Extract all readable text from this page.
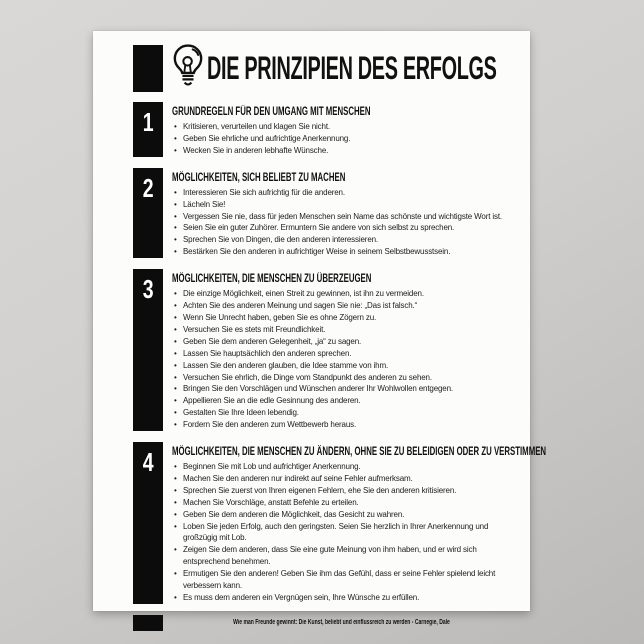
DIE PRINZIPIEN DES ERFOLGS
1 GRUNDREGELN FÜR DEN UMGANG MIT MENSCHEN
• Kritisieren, verurteilen und klagen Sie nicht.
• Geben Sie ehrliche und aufrichtige Anerkennung.
• Wecken Sie in anderen lebhafte Wünsche.
2 MÖGLICHKEITEN, SICH BELIEBT ZU MACHEN
• Interessieren Sie sich aufrichtig für die anderen.
• Lächeln Sie!
• Vergessen Sie nie, dass für jeden Menschen sein Name das schönste und wichtigste Wort ist.
• Seien Sie ein guter Zuhörer. Ermuntern Sie andere von sich selbst zu sprechen.
• Sprechen Sie von Dingen, die den anderen interessieren.
• Bestärken Sie den anderen in aufrichtiger Weise in seinem Selbstbewusstsein.
3 MÖGLICHKEITEN, DIE MENSCHEN ZU ÜBERZEUGEN
• Die einzige Möglichkeit, einen Streit zu gewinnen, ist ihn zu vermeiden.
• Achten Sie des anderen Meinung und sagen Sie nie: „Das ist falsch.“
• Wenn Sie Unrecht haben, geben Sie es ohne Zögern zu.
• Versuchen Sie es stets mit Freundlichkeit.
• Geben Sie dem anderen Gelegenheit, „ja“ zu sagen.
• Lassen Sie hauptsächlich den anderen sprechen.
• Lassen Sie den anderen glauben, die Idee stamme von ihm.
• Versuchen Sie ehrlich, die Dinge vom Standpunkt des anderen zu sehen.
• Bringen Sie den Vorschlägen und Wünschen anderer Ihr Wohlwollen entgegen.
• Appellieren Sie an die edle Gesinnung des anderen.
• Gestalten Sie Ihre Ideen lebendig.
• Fordern Sie den anderen zum Wettbewerb heraus.
4 MÖGLICHKEITEN, DIE MENSCHEN ZU ÄNDERN, OHNE SIE ZU BELEIDIGEN ODER ZU VERSTIMMEN
• Beginnen Sie mit Lob und aufrichtiger Anerkennung.
• Machen Sie den anderen nur indirekt auf seine Fehler aufmerksam.
• Sprechen Sie zuerst von Ihren eigenen Fehlern, ehe Sie den anderen kritisieren.
• Machen Sie Vorschläge, anstatt Befehle zu erteilen.
• Geben Sie dem anderen die Möglichkeit, das Gesicht zu wahren.
• Loben Sie jeden Erfolg, auch den geringsten. Seien Sie herzlich in Ihrer Anerkennung und großzügig mit Lob.
• Zeigen Sie dem anderen, dass Sie eine gute Meinung von ihm haben, und er wird sich entsprechend benehmen.
• Ermutigen Sie den anderen! Geben Sie ihm das Gefühl, dass er seine Fehler spielend leicht verbessern kann.
• Es muss dem anderen ein Vergnügen sein, Ihre Wünsche zu erfüllen.
Wie man Freunde gewinnt: Die Kunst, beliebt und einflussreich zu werden - Carnegie, Dale
